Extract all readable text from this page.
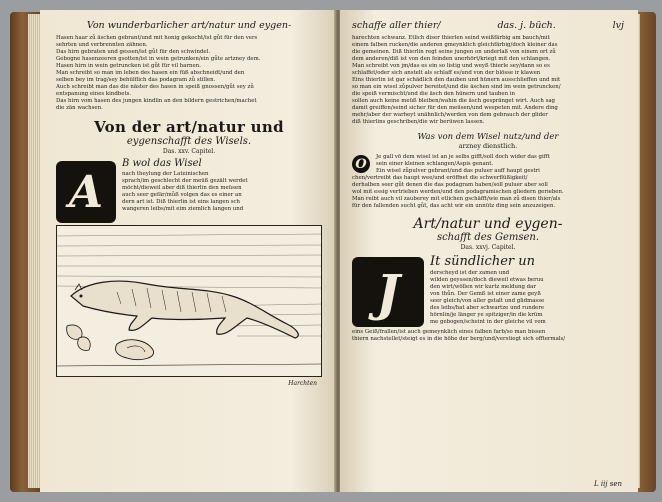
Von wunderbarlicher art/natur und eygen-

Hasen haar zů äschen gebrant/und mit honig gekocht/ist gůt für den vers

sehrten und verbrennten zähnen.

Das hirn gebraten und gessen/ist gůt für den schwindel.

Gebogne hasenzeeren gsotten/ist in wein getrunken/ein gůte artzney dem.

Hasen hirn in wein getruncken ist gůt für vil harnen.

Man schreibt so man im leben des hasen ein füß abschneidt/und den

selben bey im trag/sey behülflich das podagram zů stillen.

Auch schreibt man das die näster des hasen in speiß gnossen/gůt sey zů

entspanung eines kindbets.

Das hirn vom hasen des jungen kindlin an den bildern gestrichen/machet

die zän wachsen.

Von der art/natur und
eygenschafft des Wisels.
Das. xxv. Capitel.
A
B wol das Wisel

nach theylung der Lateinischen

sprach/im geschlecht der meüß gezält werdet

möcht/dieweil aber diß thierlin den meüsen

auch seer gefär/můß volgen das es einer an

dern art ist. Diß thierlin ist eins langen sch

wangeren leibs/mit eim ziemlich langen und

Harchten
schaffe aller thier/	das. j. büch.	lvj

harechten schwanz. Etlich diser thierlen seind weißfärbig am bauch/mit

einem falben rucken/die anderen gmeynklich gleichfärbig/doch kleiner das

die gemeinen. Diß thierlin regt seine jungen on underlaß von einem ort zů

dem anderen/diß ist von den feinden unerhört/kriegt mit den schlangen.

Man schreibt von jm/das es ein so listig und weyß thierle sey/dann so es

schlaffet/oder sich anstelt als schlaff es/und von der blösse ir klawen

Eins thierlin ist gar schädlich den dauben und hünern ausschlieffen und mit

so man ein wisel zůpulver bereitet/und die äschen sind im wein getruncken/

die speiß vermischt/und die äsch den hünern und tauben in

sollen auch keine meüß bleiben/wahin die äsch gespränget wirt. Auch sag

damit greiffen/seind sicher für den meüsen/und wespeten mit. Andere ding

mehr/aber der warheyt unähnlich/werden von dem gebrauch der glider

diß thierlins geschriben/die wir berüwen lassen.

Was von dem Wisel nutz/und der
arzney dienstlich.
O	Je gall vō dem wisel ist an je selbs gifft/soll doch wider das gifft

sein einer kleinen schlangen/Aspis genant.

Ein wisel zůpulver gebrant/und das puluer auff haupt gestri

chen/vertreibt das haupt wee/und eröffnet die schwerflüßigkeit/

derhalben seer gůt denen die das podagram haben/soll puluer aber soll

wol mit essig vertrieben werden/und den podagramischen gliedern gerieben.

Man reibt auch vil zauberey mit etlichen gschäfft/wie man zů disen thier/als

für den fallenden sucht gůt, das acht wir ein unnütz ding sein anzuzeigen.

Art/natur und eygen-
schafft des Gemsen.
Das. xxvj. Capitel.
J
It sündlicher un

derscheyd ist der zamen und

wilden geyssen/doch dieweil etwas beruu

den wirt/wöllen wir kurtz meldung dar

von thůn. Der Gemß ist einer zame geyß

seer gleich/von aller gstalt und glidmasse

des leibs/hat aber schwartze und rundere

hörnlin/je länger ye spitziger/in die krüm

me gebogen/scheint in der gleiche vil vom

eins Geiß/frallen/ist auch gemeynklich eines falben farb/so man bissen

thiern nachstellet/steigt es in die höhe der berg/und/verstiegt sich offtermals/

L iij sen
